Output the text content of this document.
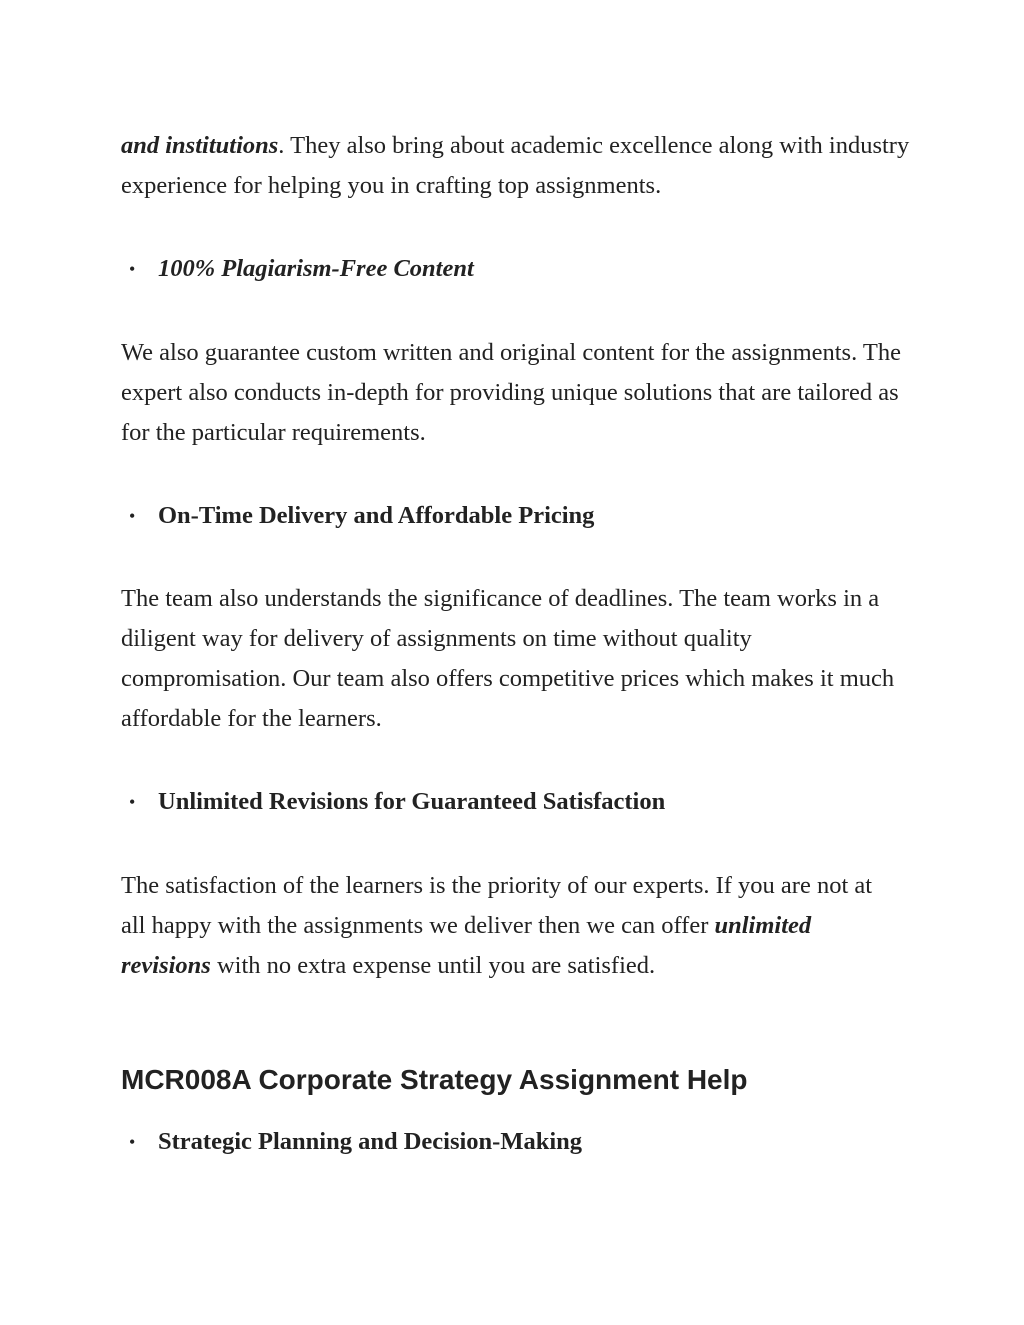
and institutions. They also bring about academic excellence along with industry experience for helping you in crafting top assignments.

• 100% Plagiarism-Free Content

We also guarantee custom written and original content for the assignments. The expert also conducts in-depth for providing unique solutions that are tailored as for the particular requirements.

• On-Time Delivery and Affordable Pricing

The team also understands the significance of deadlines. The team works in a diligent way for delivery of assignments on time without quality compromisation. Our team also offers competitive prices which makes it much affordable for the learners.

• Unlimited Revisions for Guaranteed Satisfaction

The satisfaction of the learners is the priority of our experts. If you are not at all happy with the assignments we deliver then we can offer unlimited revisions with no extra expense until you are satisfied.

MCR008A Corporate Strategy Assignment Help
• Strategic Planning and Decision-Making
